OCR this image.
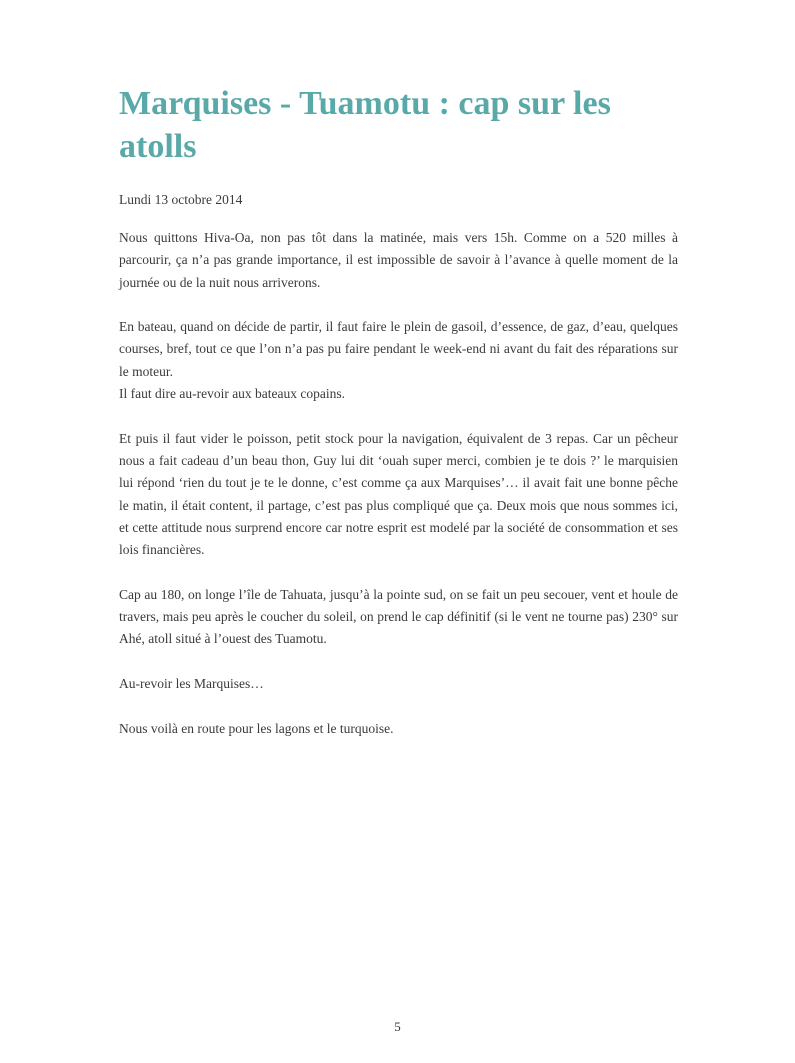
Marquises - Tuamotu : cap sur les atolls

Lundi 13 octobre 2014

Nous quittons Hiva-Oa, non pas tôt dans la matinée, mais vers 15h. Comme on a 520 milles à parcourir, ça n’a pas grande importance, il est impossible de savoir à l’avance à quelle moment de la journée ou de la nuit nous arriverons.

En bateau, quand on décide de partir, il faut faire le plein de gasoil, d’essence, de gaz, d’eau, quelques courses, bref, tout ce que l’on n’a pas pu faire pendant le week-end ni avant du fait des réparations sur le moteur.
Il faut dire au-revoir aux bateaux copains.

Et puis il faut vider le poisson, petit stock pour la navigation, équivalent de 3 repas. Car un pêcheur nous a fait cadeau d’un beau thon, Guy lui dit ‘ouah super merci, combien je te dois ?’ le marquisien lui répond ‘rien du tout je te le donne, c’est comme ça aux Marquises’… il avait fait une bonne pêche le matin, il était content, il partage, c’est pas plus compliqué que ça. Deux mois que nous sommes ici, et cette attitude nous surprend encore car notre esprit est modelé par la société de consommation et ses lois financières.

Cap au 180, on longe l’île de Tahuata, jusqu’à la pointe sud, on se fait un peu secouer, vent et houle de travers, mais peu après le coucher du soleil, on prend le cap définitif (si le vent ne tourne pas) 230° sur Ahé, atoll situé à l’ouest des Tuamotu.

Au-revoir les Marquises…

Nous voilà en route pour les lagons et le turquoise.

5
